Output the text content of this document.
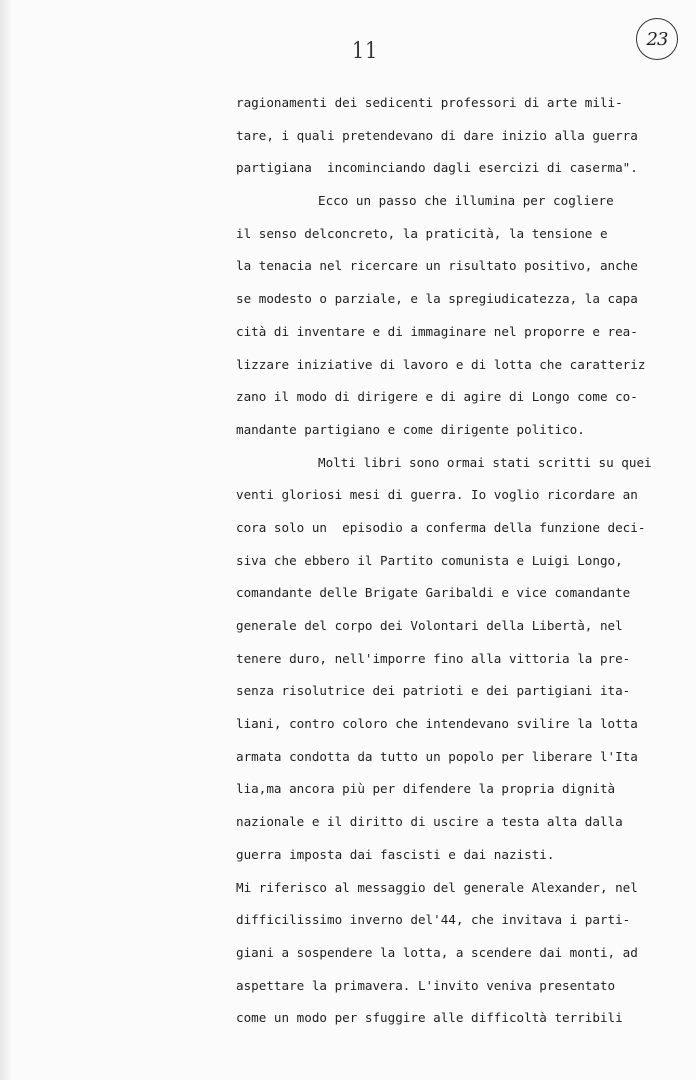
23
11
ragionamenti dei sedicenti professori di arte mili-
tare, i quali pretendevano di dare inizio alla guerra
partigiana  incominciando dagli esercizi di caserma".
Ecco un passo che illumina per cogliere
il senso delconcreto, la praticità, la tensione e
la tenacia nel ricercare un risultato positivo, anche
se modesto o parziale, e la spregiudicatezza, la capa
cità di inventare e di immaginare nel proporre e rea-
lizzare iniziative di lavoro e di lotta che caratteriz
zano il modo di dirigere e di agire di Longo come co-
mandante partigiano e come dirigente politico.
Molti libri sono ormai stati scritti su quei
venti gloriosi mesi di guerra. Io voglio ricordare an
cora solo un  episodio a conferma della funzione deci-
siva che ebbero il Partito comunista e Luigi Longo,
comandante delle Brigate Garibaldi e vice comandante
generale del corpo dei Volontari della Libertà, nel
tenere duro, nell'imporre fino alla vittoria la pre-
senza risolutrice dei patrioti e dei partigiani ita-
liani, contro coloro che intendevano svilire la lotta
armata condotta da tutto un popolo per liberare l'Ita
lia,ma ancora più per difendere la propria dignità
nazionale e il diritto di uscire a testa alta dalla
guerra imposta dai fascisti e dai nazisti.
Mi riferisco al messaggio del generale Alexander, nel
difficilissimo inverno del'44, che invitava i parti-
giani a sospendere la lotta, a scendere dai monti, ad
aspettare la primavera. L'invito veniva presentato
come un modo per sfuggire alle difficoltà terribili
